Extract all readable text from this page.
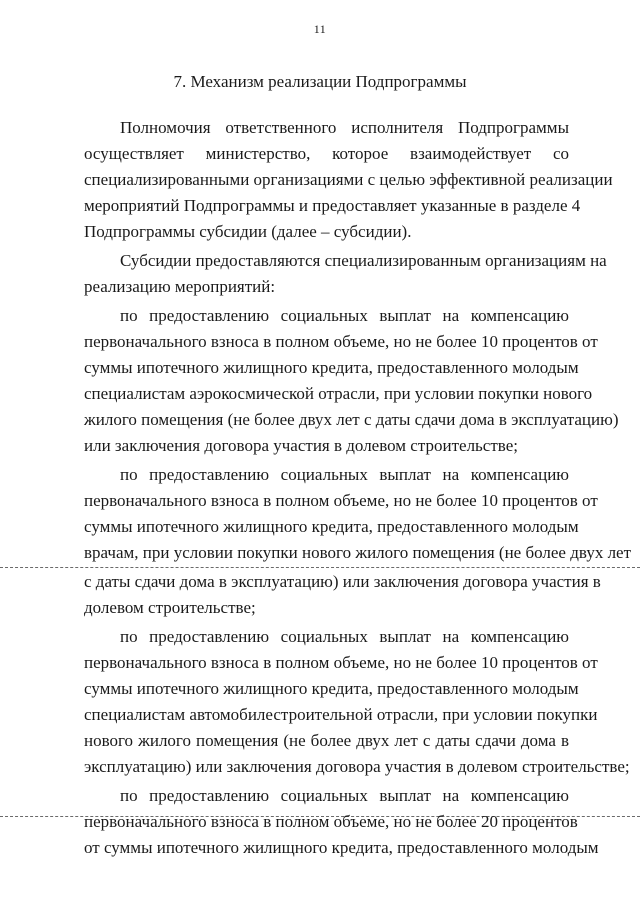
11
7. Механизм реализации Подпрограммы
Полномочия ответственного исполнителя Подпрограммы
осуществляет министерство, которое взаимодействует со
специализированными организациями с целью эффективной реализации
мероприятий Подпрограммы и предоставляет указанные в разделе 4
Подпрограммы субсидии (далее – субсидии).
Субсидии предоставляются специализированным организациям на
реализацию мероприятий:
по предоставлению социальных выплат на компенсацию
первоначального взноса в полном объеме, но не более 10 процентов от
суммы ипотечного жилищного кредита, предоставленного молодым
специалистам аэрокосмической отрасли, при условии покупки нового
жилого помещения (не более двух лет с даты сдачи дома в эксплуатацию)
или заключения договора участия в долевом строительстве;
по предоставлению социальных выплат на компенсацию
первоначального взноса в полном объеме, но не более 10 процентов от
суммы ипотечного жилищного кредита, предоставленного молодым
врачам, при условии покупки нового жилого помещения (не более двух лет
с даты сдачи дома в эксплуатацию) или заключения договора участия в
долевом строительстве;
по предоставлению социальных выплат на компенсацию
первоначального взноса в полном объеме, но не более 10 процентов от
суммы ипотечного жилищного кредита, предоставленного молодым
специалистам автомобилестроительной отрасли, при условии покупки
нового жилого помещения (не более двух лет с даты сдачи дома в
эксплуатацию) или заключения договора участия в долевом строительстве;
по предоставлению социальных выплат на компенсацию
первоначального взноса в полном объеме, но не более 20 процентов
от суммы ипотечного жилищного кредита, предоставленного молодым
